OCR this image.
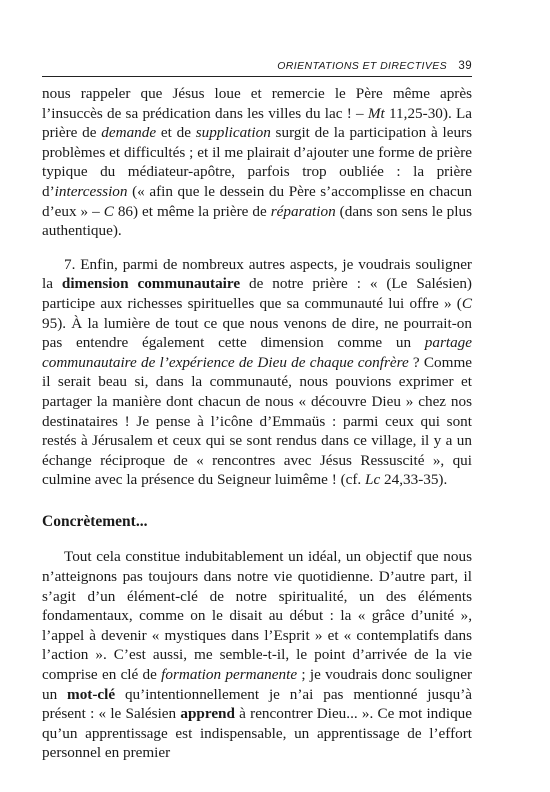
ORIENTATIONS ET DIRECTIVES 39

nous rappeler que Jésus loue et remercie le Père même après l’insuccès de sa prédication dans les villes du lac ! – Mt 11,25-30). La prière de demande et de supplication surgit de la participation à leurs problèmes et difficultés ; et il me plairait d’ajouter une forme de prière typique du médiateur-apôtre, parfois trop oubliée : la prière d’intercession (« afin que le dessein du Père s’accomplisse en chacun d’eux » – C 86) et même la prière de réparation (dans son sens le plus authentique).

7. Enfin, parmi de nombreux autres aspects, je voudrais souligner la dimension communautaire de notre prière : « (Le Salésien) participe aux richesses spirituelles que sa communauté lui offre » (C 95). À la lumière de tout ce que nous venons de dire, ne pourrait-on pas entendre également cette dimension comme un partage communautaire de l’expérience de Dieu de chaque confrère ? Comme il serait beau si, dans la communauté, nous pouvions exprimer et partager la manière dont chacun de nous « découvre Dieu » chez nos destinataires ! Je pense à l’icône d’Emmaüs : parmi ceux qui sont restés à Jérusalem et ceux qui se sont rendus dans ce village, il y a un échange réciproque de « rencontres avec Jésus Ressuscité », qui culmine avec la présence du Seigneur luimême ! (cf. Lc 24,33-35).

Concrètement...

Tout cela constitue indubitablement un idéal, un objectif que nous n’atteignons pas toujours dans notre vie quotidienne. D’autre part, il s’agit d’un élément-clé de notre spiritualité, un des éléments fondamentaux, comme on le disait au début : la « grâce d’unité », l’appel à devenir « mystiques dans l’Esprit » et « contemplatifs dans l’action ». C’est aussi, me semble-t-il, le point d’arrivée de la vie comprise en clé de formation permanente ; je voudrais donc souligner un mot-clé qu’intentionnellement je n’ai pas mentionné jusqu’à présent : « le Salésien apprend à rencontrer Dieu... ». Ce mot indique qu’un apprentissage est indispensable, un apprentissage de l’effort personnel en premier
